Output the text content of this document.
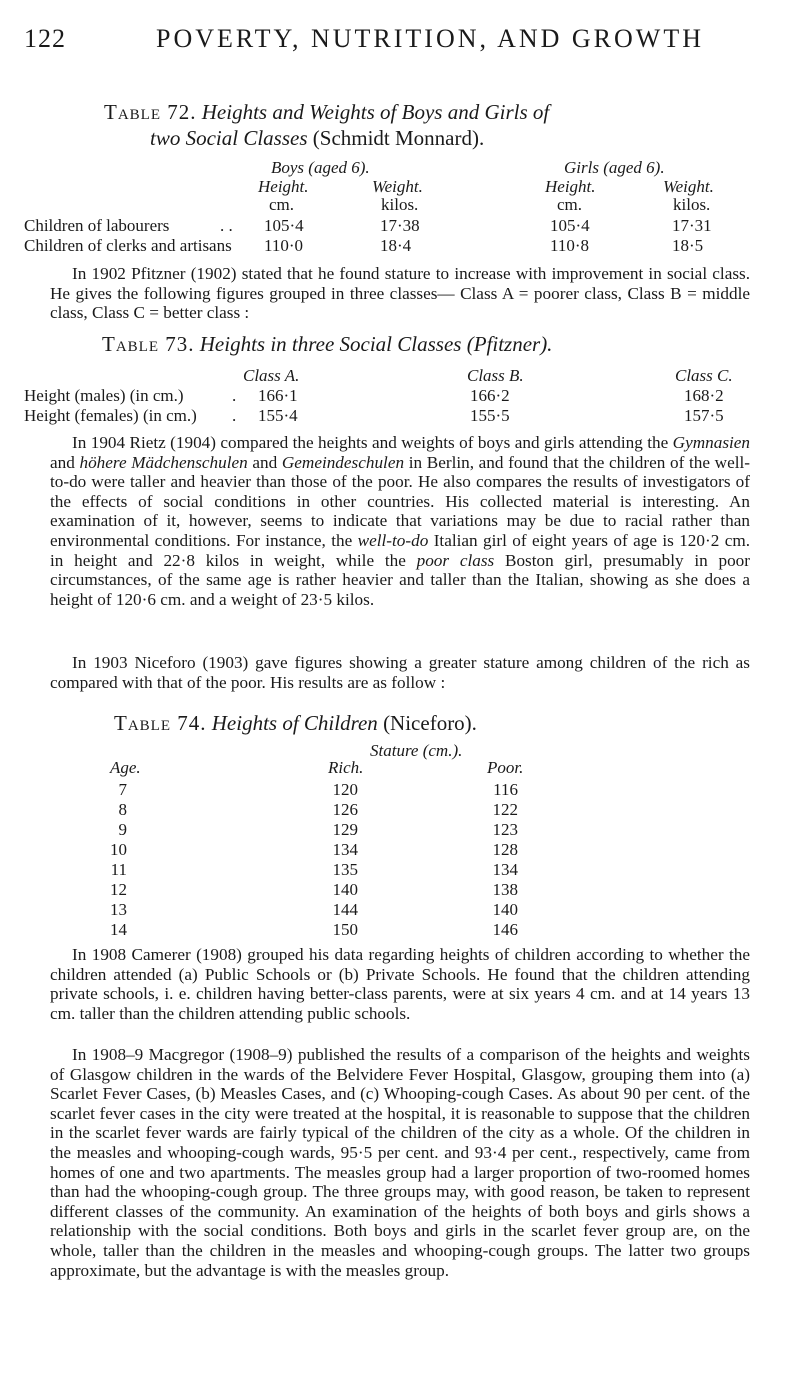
122	POVERTY, NUTRITION, AND GROWTH
Table 72. Heights and Weights of Boys and Girls of
two Social Classes (Schmidt Monnard).
Boys (aged 6).	Girls (aged 6).
Height.	Weight.	Height.	Weight.
cm.	kilos.	cm.	kilos.
Children of labourers	. . 105·4	17·38	105·4	17·31
Children of clerks and artisans 110·0	18·4	110·8	18·5

In 1902 Pfitzner (1902) stated that he found stature to increase with improvement in social class. He gives the following figures grouped in three classes— Class A = poorer class, Class B = middle class, Class C = better class :

Table 73. Heights in three Social Classes (Pfitzner).
Class A.	Class B.	Class C.
Height (males) (in cm.)	. 166·1	166·2	168·2
Height (females) (in cm.) . 155·4	155·5	157·5

In 1904 Rietz (1904) compared the heights and weights of boys and girls attending the Gymnasien and höhere Mädchenschulen and Gemeindeschulen in Berlin, and found that the children of the well-to-do were taller and heavier than those of the poor. He also compares the results of investigators of the effects of social conditions in other countries. His collected material is interesting. An examination of it, however, seems to indicate that variations may be due to racial rather than environmental conditions. For instance, the well-to-do Italian girl of eight years of age is 120·2 cm. in height and 22·8 kilos in weight, while the poor class Boston girl, presumably in poor circumstances, of the same age is rather heavier and taller than the Italian, showing as she does a height of 120·6 cm. and a weight of 23·5 kilos.

In 1903 Niceforo (1903) gave figures showing a greater stature among children of the rich as compared with that of the poor. His results are as follow :

Table 74. Heights of Children (Niceforo).
Stature (cm.).
Age.	Rich.	Poor.
7	120	116
8	126	122
9	129	123
10	134	128
11	135	134
12	140	138
13	144	140
14	150	146

In 1908 Camerer (1908) grouped his data regarding heights of children according to whether the children attended (a) Public Schools or (b) Private Schools. He found that the children attending private schools, i. e. children having better-class parents, were at six years 4 cm. and at 14 years 13 cm. taller than the children attending public schools.

In 1908–9 Macgregor (1908–9) published the results of a comparison of the heights and weights of Glasgow children in the wards of the Belvidere Fever Hospital, Glasgow, grouping them into (a) Scarlet Fever Cases, (b) Measles Cases, and (c) Whooping-cough Cases. As about 90 per cent. of the scarlet fever cases in the city were treated at the hospital, it is reasonable to suppose that the children in the scarlet fever wards are fairly typical of the children of the city as a whole. Of the children in the measles and whooping-cough wards, 95·5 per cent. and 93·4 per cent., respectively, came from homes of one and two apartments. The measles group had a larger proportion of two-roomed homes than had the whooping-cough group. The three groups may, with good reason, be taken to represent different classes of the community. An examination of the heights of both boys and girls shows a relationship with the social conditions. Both boys and girls in the scarlet fever group are, on the whole, taller than the children in the measles and whooping-cough groups. The latter two groups approximate, but the advantage is with the measles group.
